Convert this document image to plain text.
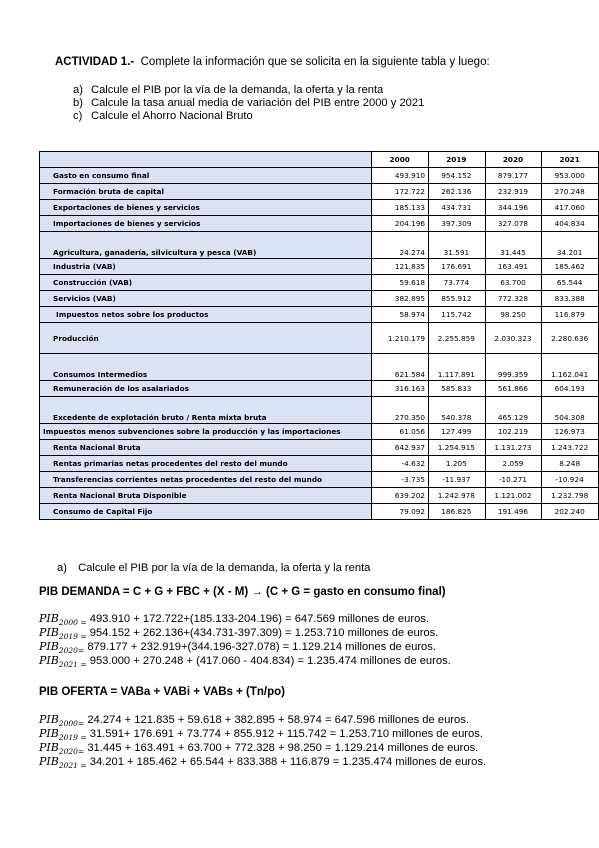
ACTIVIDAD 1.- Complete la información que se solicita en la siguiente tabla y luego:
a) Calcule el PIB por la vía de la demanda, la oferta y la renta
b) Calcule la tasa anual media de variación del PIB entre 2000 y 2021
c) Calcule el Ahorro Nacional Bruto
	2000	2019	2020	2021
Gasto en consumo final	493.910	954.152	879.177	953.000
Formación bruta de capital	172.722	262.136	232.919	270.248
Exportaciones de bienes y servicios	185.133	434.731	344.196	417.060
Importaciones de bienes y servicios	204.196	397.309	327.078	404.834
Agricultura, ganadería, silvicultura y pesca (VAB)	24.274	31.591	31.445	34.201
Industria (VAB)	121.835	176.691	163.491	185.462
Construcción (VAB)	59.618	73.774	63.700	65.544
Servicios (VAB)	382.895	855.912	772.328	833.388
Impuestos netos sobre los productos	58.974	115.742	98.250	116.879
Producción	1.210.179	2.255.859	2.030.323	2.280.636
Consumos Intermedios	621.584	1.117.891	999.359	1.162.041
Remuneración de los asalariados	316.163	585.833	561.866	604.193
Excedente de explotación bruto / Renta mixta bruta	270.350	540.378	465.129	504.308
Impuestos menos subvenciones sobre la producción y las importaciones	61.056	127.499	102.219	126.973
Renta Nacional Bruta	642.937	1.254.915	1.131.273	1.243.722
Rentas primarias netas procedentes del resto del mundo	-4.632	1.205	2.059	8.248
Transferencias corrientes netas procedentes del resto del mundo	-3.735	-11.937	-10.271	-10.924
Renta Nacional Bruta Disponible	639.202	1.242.978	1.121.002	1.232.798
Consumo de Capital Fijo	79.092	186.825	191.496	202.240
a) Calcule el PIB por la vía de la demanda, la oferta y la renta
PIB DEMANDA = C + G + FBC + (X - M) → (C + G = gasto en consumo final)
$PIB_{2000 =}$ 493.910 + 172.722+(185.133-204.196) = 647.569 millones de euros.
$PIB_{2019 =}$ 954.152 + 262.136+(434.731-397.309) = 1.253.710 millones de euros.
$PIB_{2020=}$ 879.177 + 232.919+(344.196-327.078) = 1.129.214 millones de euros.
$PIB_{2021 =}$ 953.000 + 270.248 + (417.060 - 404.834) = 1.235.474 millones de euros.
PIB OFERTA = VABa + VABi + VABs + (Tn/po)
$PIB_{2000=}$ 24.274 + 121.835 + 59.618 + 382.895 + 58.974 = 647.596 millones de euros.
$PIB_{2019 =}$ 31.591+ 176.691 + 73.774 + 855.912 + 115.742 = 1.253.710 millones de euros.
$PIB_{2020=}$ 31.445 + 163.491 + 63.700 + 772.328 + 98.250 = 1.129.214 millones de euros.
$PIB_{2021 =}$ 34.201 + 185.462 + 65.544 + 833.388 + 116.879 = 1.235.474 millones de euros.
